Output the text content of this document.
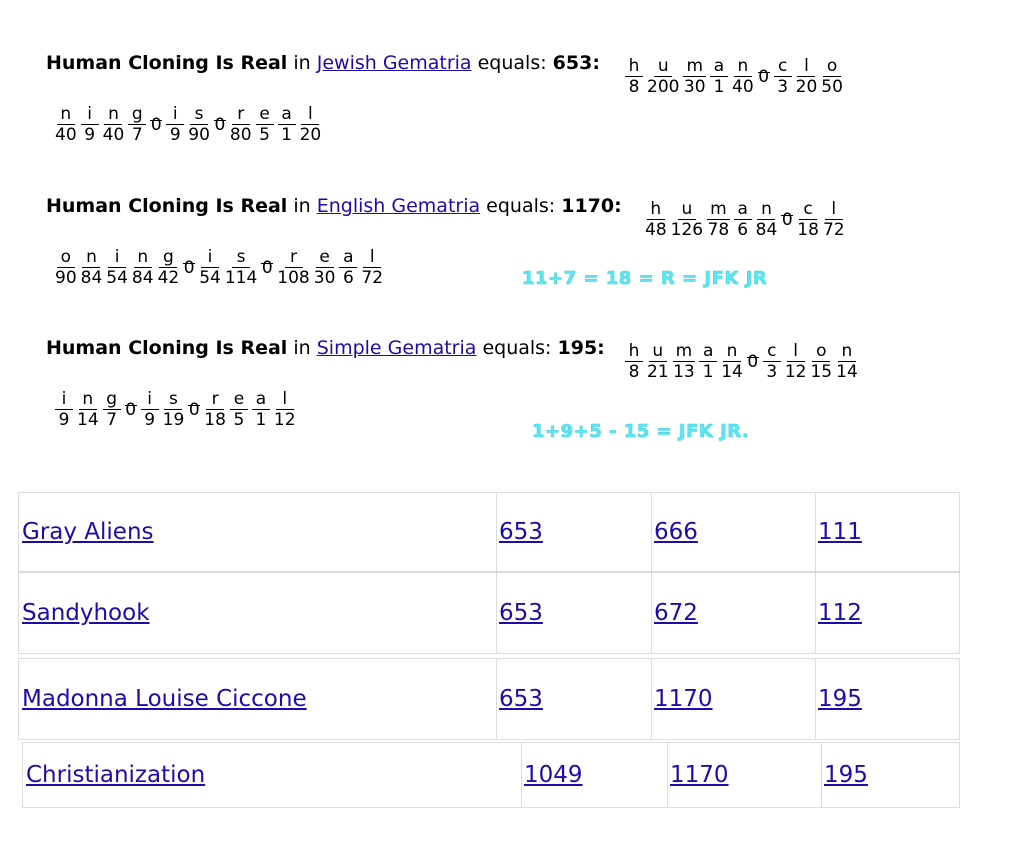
Human Cloning Is Real in Jewish Gematria equals: 653: h
8
u
200
m
30
a
1
n
40 0
c
3
l
20
o
50
n
40
i
9
n
40
g
7 0
i
9
s
90 0
r
80
e
5
a
1
l
20
Human Cloning Is Real in English Gematria equals: 1170: h
48
u
126
m
78
a
6
n
84 0
c
18
l
72
o
90
n
84
i
54
n
84
g
42 0
i
54
s
114 0
r
108
e
30
a
6
l
72	11+7 = 18 = R = JFK JR
Human Cloning Is Real in Simple Gematria equals: 195: h
8
u
21
m
13
a
1
n
14 0
c
3
l
12
o
15
n
14
i
9
n
14
g
7 0
i
9
s
19 0
r
18
e
5
a
1
l
12
1+9+5 - 15 = JFK JR.
Gray Aliens	653	666	111
Sandyhook	653	672	112
Madonna Louise Ciccone	653	1170	195
Christianization	1049	1170	195
